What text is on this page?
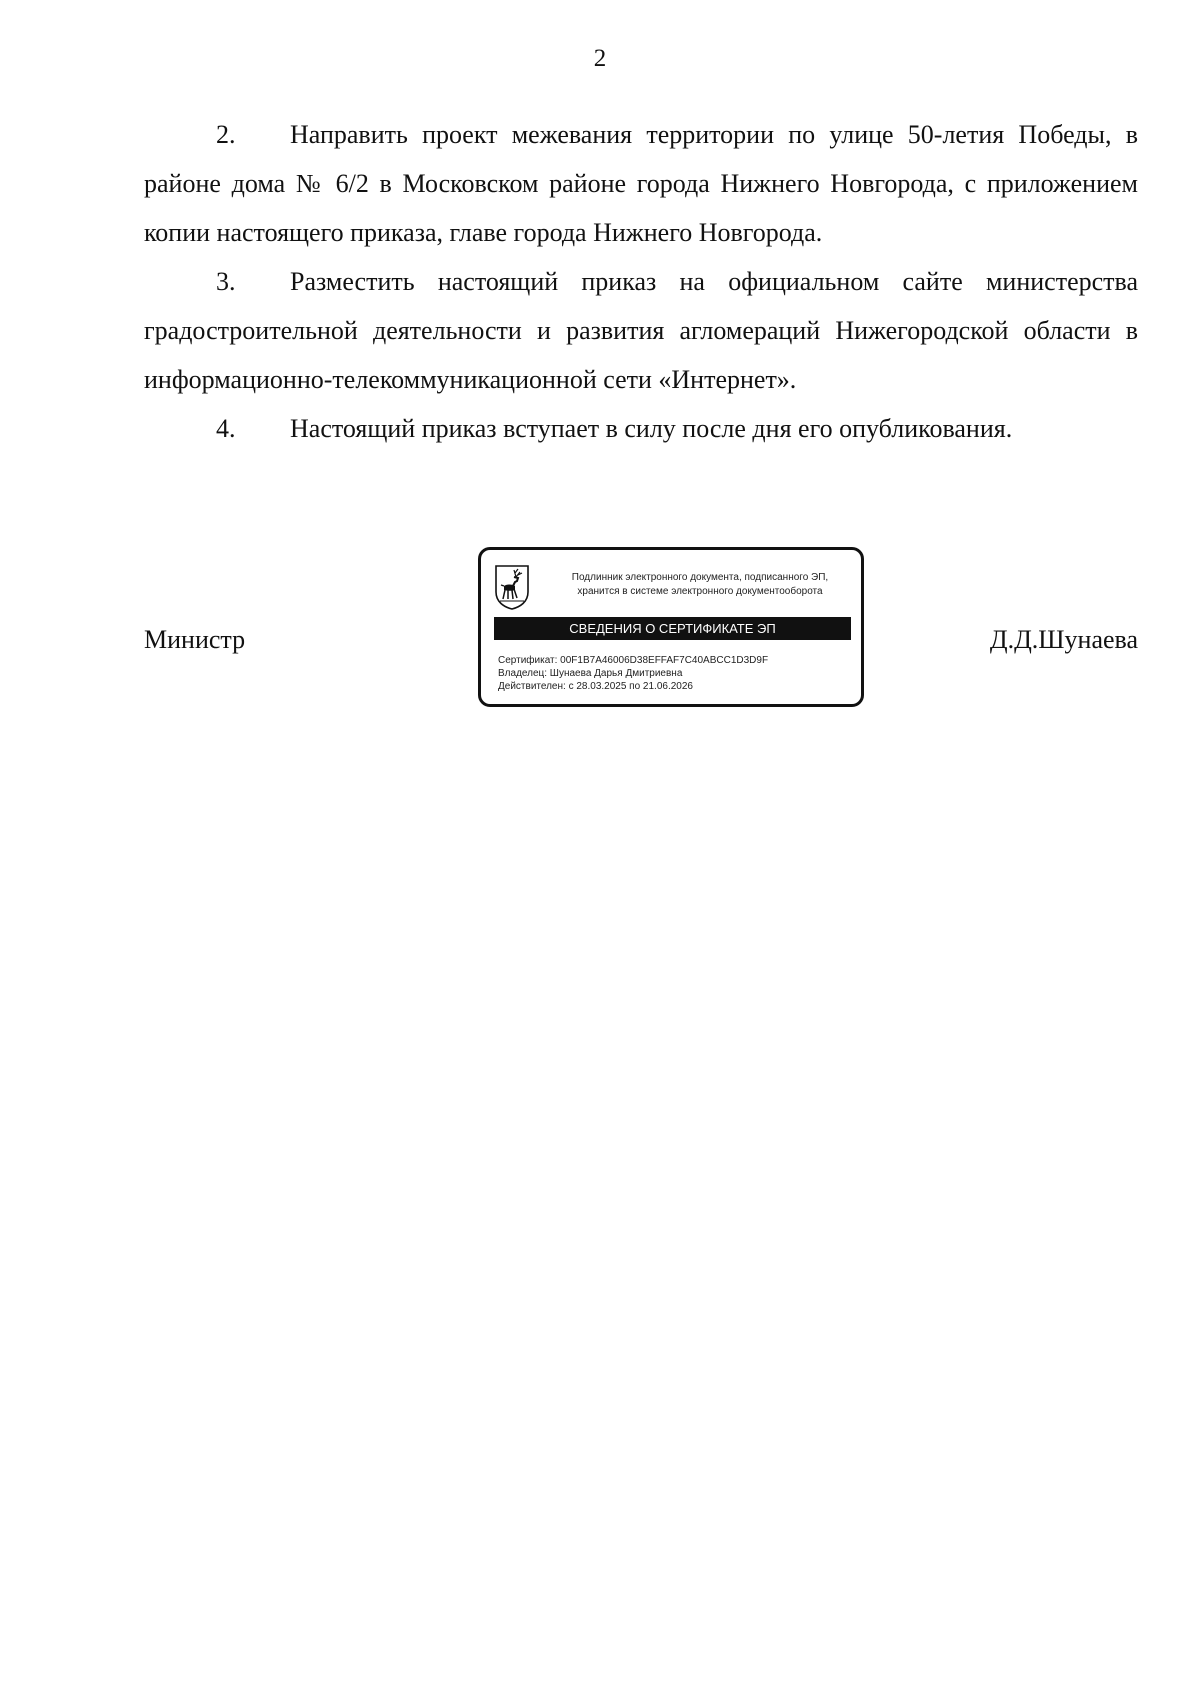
2

2. Направить проект межевания территории по улице 50-летия Победы, в районе дома № 6/2 в Московском районе города Нижнего Новгорода, с приложением копии настоящего приказа, главе города Нижнего Новгорода.

3. Разместить настоящий приказ на официальном сайте министерства градостроительной деятельности и развития агломераций Нижегородской области в информационно-телекоммуникационной сети «Интернет».

4. Настоящий приказ вступает в силу после дня его опубликования.

Министр	Д.Д.Шунаева
Подлинник электронного документа, подписанного ЭП,
хранится в системе электронного документооборота
СВЕДЕНИЯ О СЕРТИФИКАТЕ ЭП
Сертификат: 00F1B7A46006D38EFFAF7C40ABCC1D3D9F
Владелец: Шунаева Дарья Дмитриевна
Действителен: с 28.03.2025 по 21.06.2026
